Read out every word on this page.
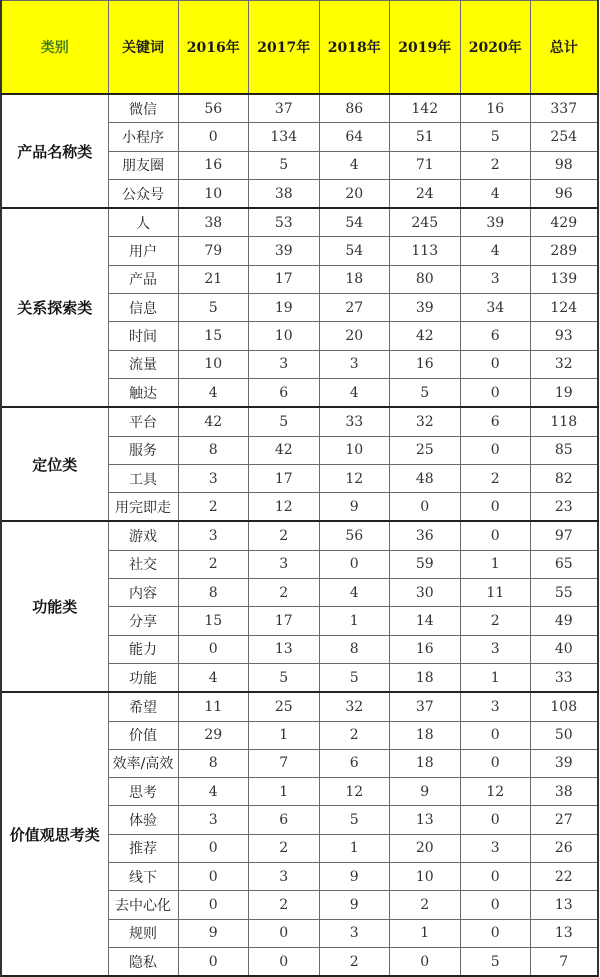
类别	关键词	2016年	2017年	2018年	2019年	2020年	总计
产品名称类	微信	56	37	86	142	16	337
	小程序	0	134	64	51	5	254
	朋友圈	16	5	4	71	2	98
	公众号	10	38	20	24	4	96
关系探索类	人	38	53	54	245	39	429
	用户	79	39	54	113	4	289
	产品	21	17	18	80	3	139
	信息	5	19	27	39	34	124
	时间	15	10	20	42	6	93
	流量	10	3	3	16	0	32
	触达	4	6	4	5	0	19
定位类	平台	42	5	33	32	6	118
	服务	8	42	10	25	0	85
	工具	3	17	12	48	2	82
	用完即走	2	12	9	0	0	23
功能类	游戏	3	2	56	36	0	97
	社交	2	3	0	59	1	65
	内容	8	2	4	30	11	55
	分享	15	17	1	14	2	49
	能力	0	13	8	16	3	40
	功能	4	5	5	18	1	33
价值观思考类	希望	11	25	32	37	3	108
	价值	29	1	2	18	0	50
	效率/高效	8	7	6	18	0	39
	思考	4	1	12	9	12	38
	体验	3	6	5	13	0	27
	推荐	0	2	1	20	3	26
	线下	0	3	9	10	0	22
	去中心化	0	2	9	2	0	13
	规则	9	0	3	1	0	13
	隐私	0	0	2	0	5	7
